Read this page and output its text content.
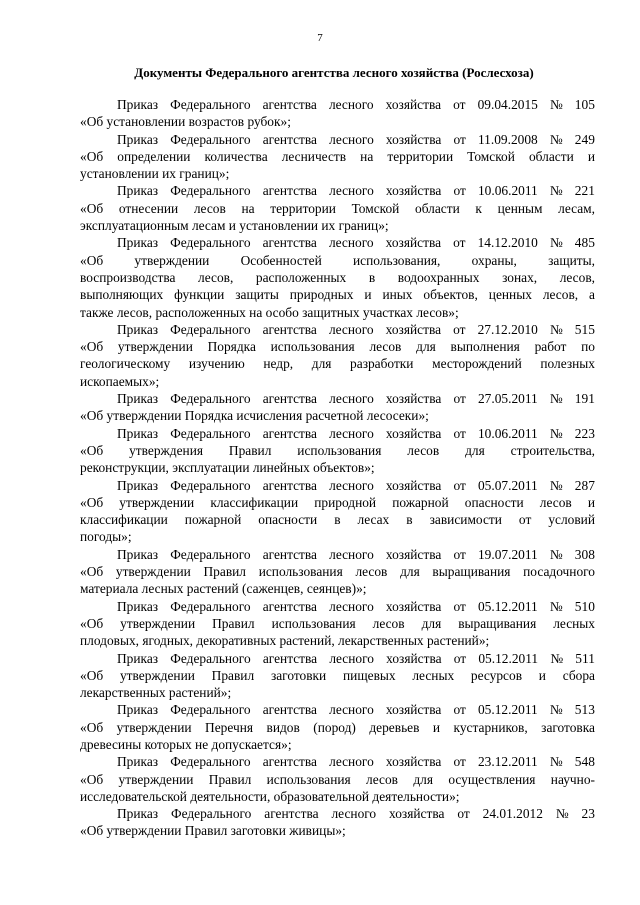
7
Документы Федерального агентства лесного хозяйства (Рослесхоза)

Приказ Федерального агентства лесного хозяйства от 09.04.2015 № 105
«Об установлении возрастов рубок»;

Приказ Федерального агентства лесного хозяйства от 11.09.2008 № 249
«Об определении количества лесничеств на территории Томской области и
установлении их границ»;

Приказ Федерального агентства лесного хозяйства от 10.06.2011 № 221
«Об отнесении лесов на территории Томской области к ценным лесам,
эксплуатационным лесам и установлении их границ»;

Приказ Федерального агентства лесного хозяйства от 14.12.2010 № 485
«Об утверждении Особенностей использования, охраны, защиты,
воспроизводства лесов, расположенных в водоохранных зонах, лесов,
выполняющих функции защиты природных и иных объектов, ценных лесов, а
также лесов, расположенных на особо защитных участках лесов»;

Приказ Федерального агентства лесного хозяйства от 27.12.2010 № 515
«Об утверждении Порядка использования лесов для выполнения работ по
геологическому изучению недр, для разработки месторождений полезных
ископаемых»;

Приказ Федерального агентства лесного хозяйства от 27.05.2011 № 191
«Об утверждении Порядка исчисления расчетной лесосеки»;

Приказ Федерального агентства лесного хозяйства от 10.06.2011 № 223
«Об утверждения Правил использования лесов для строительства,
реконструкции, эксплуатации линейных объектов»;

Приказ Федерального агентства лесного хозяйства от 05.07.2011 № 287
«Об утверждении классификации природной пожарной опасности лесов и
классификации пожарной опасности в лесах в зависимости от условий
погоды»;

Приказ Федерального агентства лесного хозяйства от 19.07.2011 № 308
«Об утверждении Правил использования лесов для выращивания посадочного
материала лесных растений (саженцев, сеянцев)»;

Приказ Федерального агентства лесного хозяйства от 05.12.2011 № 510
«Об утверждении Правил использования лесов для выращивания лесных
плодовых, ягодных, декоративных растений, лекарственных растений»;

Приказ Федерального агентства лесного хозяйства от 05.12.2011 № 511
«Об утверждении Правил заготовки пищевых лесных ресурсов и сбора
лекарственных растений»;

Приказ Федерального агентства лесного хозяйства от 05.12.2011 № 513
«Об утверждении Перечня видов (пород) деревьев и кустарников, заготовка
древесины которых не допускается»;

Приказ Федерального агентства лесного хозяйства от 23.12.2011 № 548
«Об утверждении Правил использования лесов для осуществления научно-
исследовательской деятельности, образовательной деятельности»;

Приказ Федерального агентства лесного хозяйства от 24.01.2012 № 23
«Об утверждении Правил заготовки живицы»;
